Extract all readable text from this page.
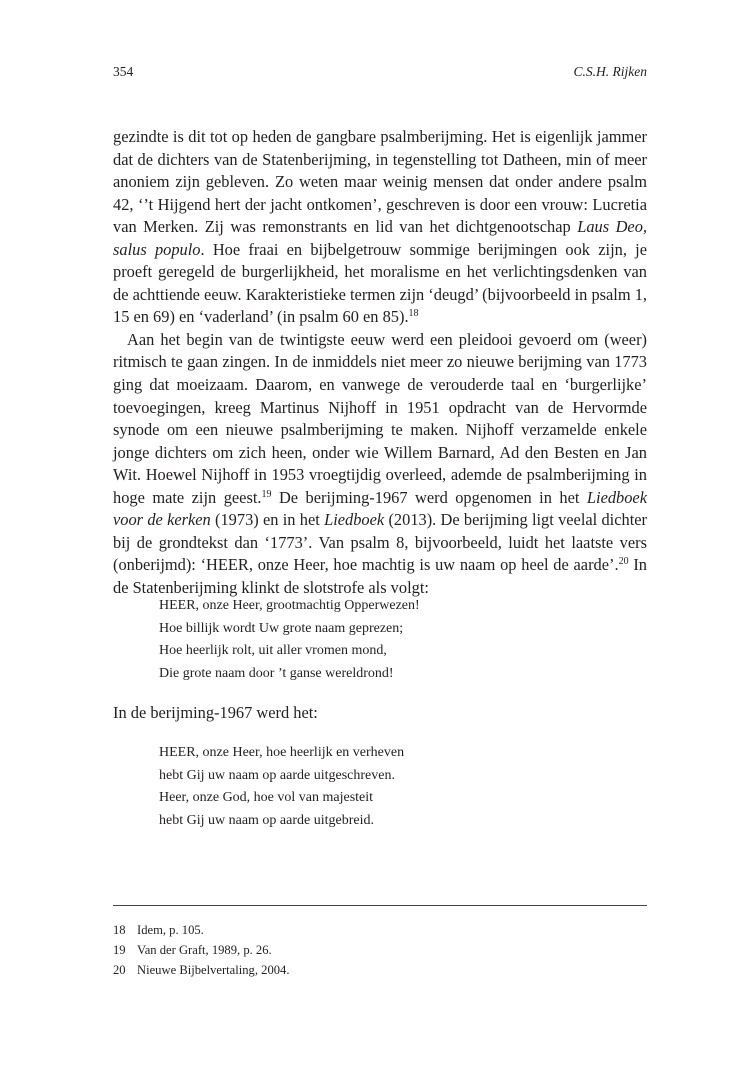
354	C.S.H. Rijken

gezindte is dit tot op heden de gangbare psalmberijming. Het is eigenlijk jammer dat de dichters van de Statenberijming, in tegenstelling tot Datheen, min of meer anoniem zijn gebleven. Zo weten maar weinig mensen dat onder andere psalm 42, ‘’t Hijgend hert der jacht ontkomen’, geschreven is door een vrouw: Lucretia van Merken. Zij was remonstrants en lid van het dichtgenootschap Laus Deo, salus populo. Hoe fraai en bijbelgetrouw sommige berijmingen ook zijn, je proeft geregeld de burgerlijkheid, het moralisme en het verlichtingsdenken van de achttiende eeuw. Karakteristieke termen zijn ‘deugd’ (bijvoorbeeld in psalm 1, 15 en 69) en ‘vaderland’ (in psalm 60 en 85).$^{18}$

Aan het begin van de twintigste eeuw werd een pleidooi gevoerd om (weer) ritmisch te gaan zingen. In de inmiddels niet meer zo nieuwe berijming van 1773 ging dat moeizaam. Daarom, en vanwege de verouderde taal en ‘burgerlijke’ toevoegingen, kreeg Martinus Nijhoff in 1951 opdracht van de Hervormde synode om een nieuwe psalmberijming te maken. Nijhoff verzamelde enkele jonge dichters om zich heen, onder wie Willem Barnard, Ad den Besten en Jan Wit. Hoewel Nijhoff in 1953 vroegtijdig overleed, ademde de psalmberijming in hoge mate zijn geest.$^{19}$ De berijming-1967 werd opgenomen in het Liedboek voor de kerken (1973) en in het Liedboek (2013). De berijming ligt veelal dichter bij de grondtekst dan ‘1773’. Van psalm 8, bijvoorbeeld, luidt het laatste vers (onberijmd): ‘HEER, onze Heer, hoe machtig is uw naam op heel de aarde’.$^{20}$ In de Statenberijming klinkt de slotstrofe als volgt:

HEER, onze Heer, grootmachtig Opperwezen!
Hoe billijk wordt Uw grote naam geprezen;
Hoe heerlijk rolt, uit aller vromen mond,
Die grote naam door ’t ganse wereldrond!
In de berijming-1967 werd het:
HEER, onze Heer, hoe heerlijk en verheven
hebt Gij uw naam op aarde uitgeschreven.
Heer, onze God, hoe vol van majesteit
hebt Gij uw naam op aarde uitgebreid.
18 Idem, p. 105.
19 Van der Graft, 1989, p. 26.
20 Nieuwe Bijbelvertaling, 2004.
